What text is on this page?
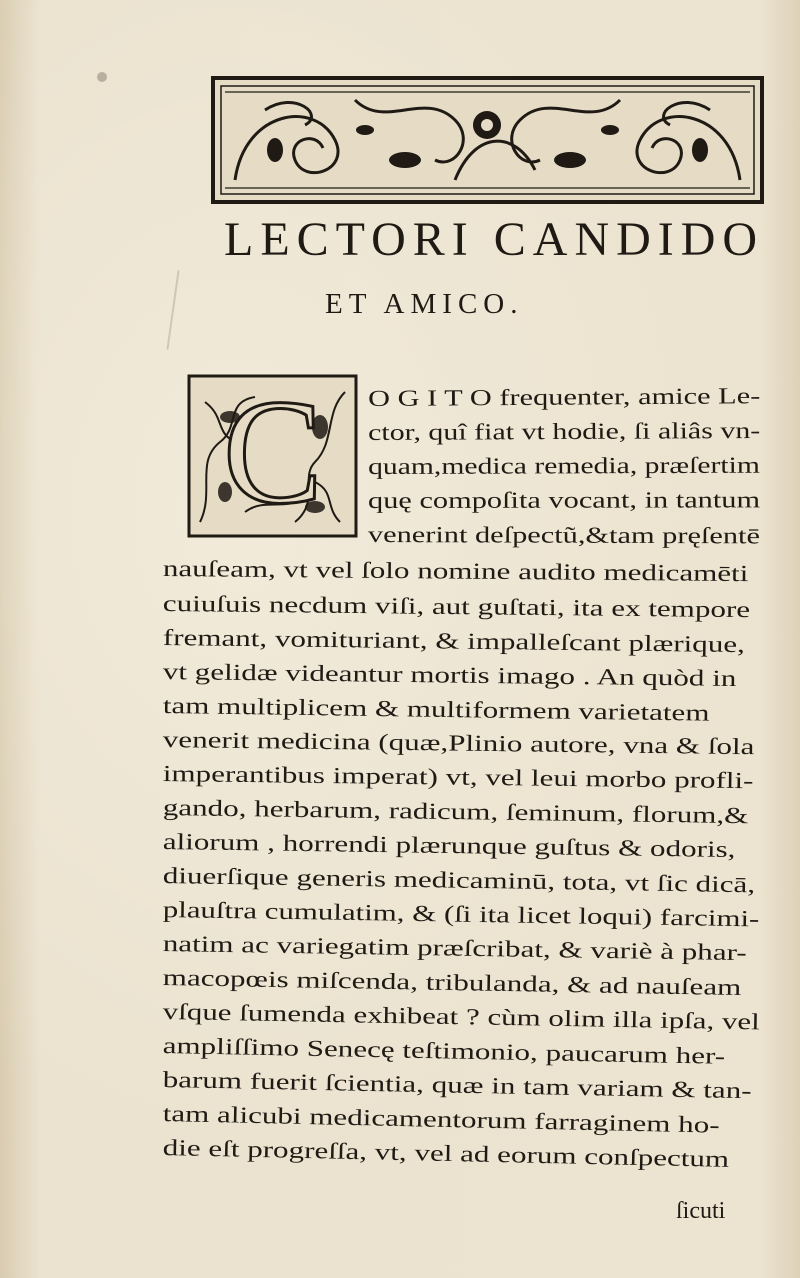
LECTORI CANDIDO
ET AMICO.
C O G I T O frequenter, amice Le-
ctor, quî fiat vt hodie, ſi aliâs vn-
quam,medica remedia, præſertim
quę compoſita vocant, in tantum
venerint deſpectũ,&tam pręſentē
nauſeam, vt vel ſolo nomine audito medicamēti
cuiuſuis necdum viſi, aut guſtati, ita ex tempore
fremant, vomituriant, & impalleſcant plærique,
vt gelidæ videantur mortis imago . An quòd in
tam multiplicem & multiformem varietatem
venerit medicina (quæ,Plinio autore, vna & ſola
imperantibus imperat) vt, vel leui morbo profli-
gando, herbarum, radicum, ſeminum, florum,&
aliorum , horrendi plærunque guſtus & odoris,
diuerſique generis medicaminū, tota, vt ſic dicā,
plauſtra cumulatim, & (ſi ita licet loqui) farcimi-
natim ac variegatim præſcribat, & variè à phar-
macopœis miſcenda, tribulanda, & ad nauſeam
vſque ſumenda exhibeat ? cùm olim illa ipſa, vel
ampliſſimo Senecę teſtimonio, paucarum her-
barum fuerit ſcientia, quæ in tam variam & tan-
tam alicubi medicamentorum farraginem ho-
die eſt progreſſa, vt, vel ad eorum conſpectum
ſicuti
